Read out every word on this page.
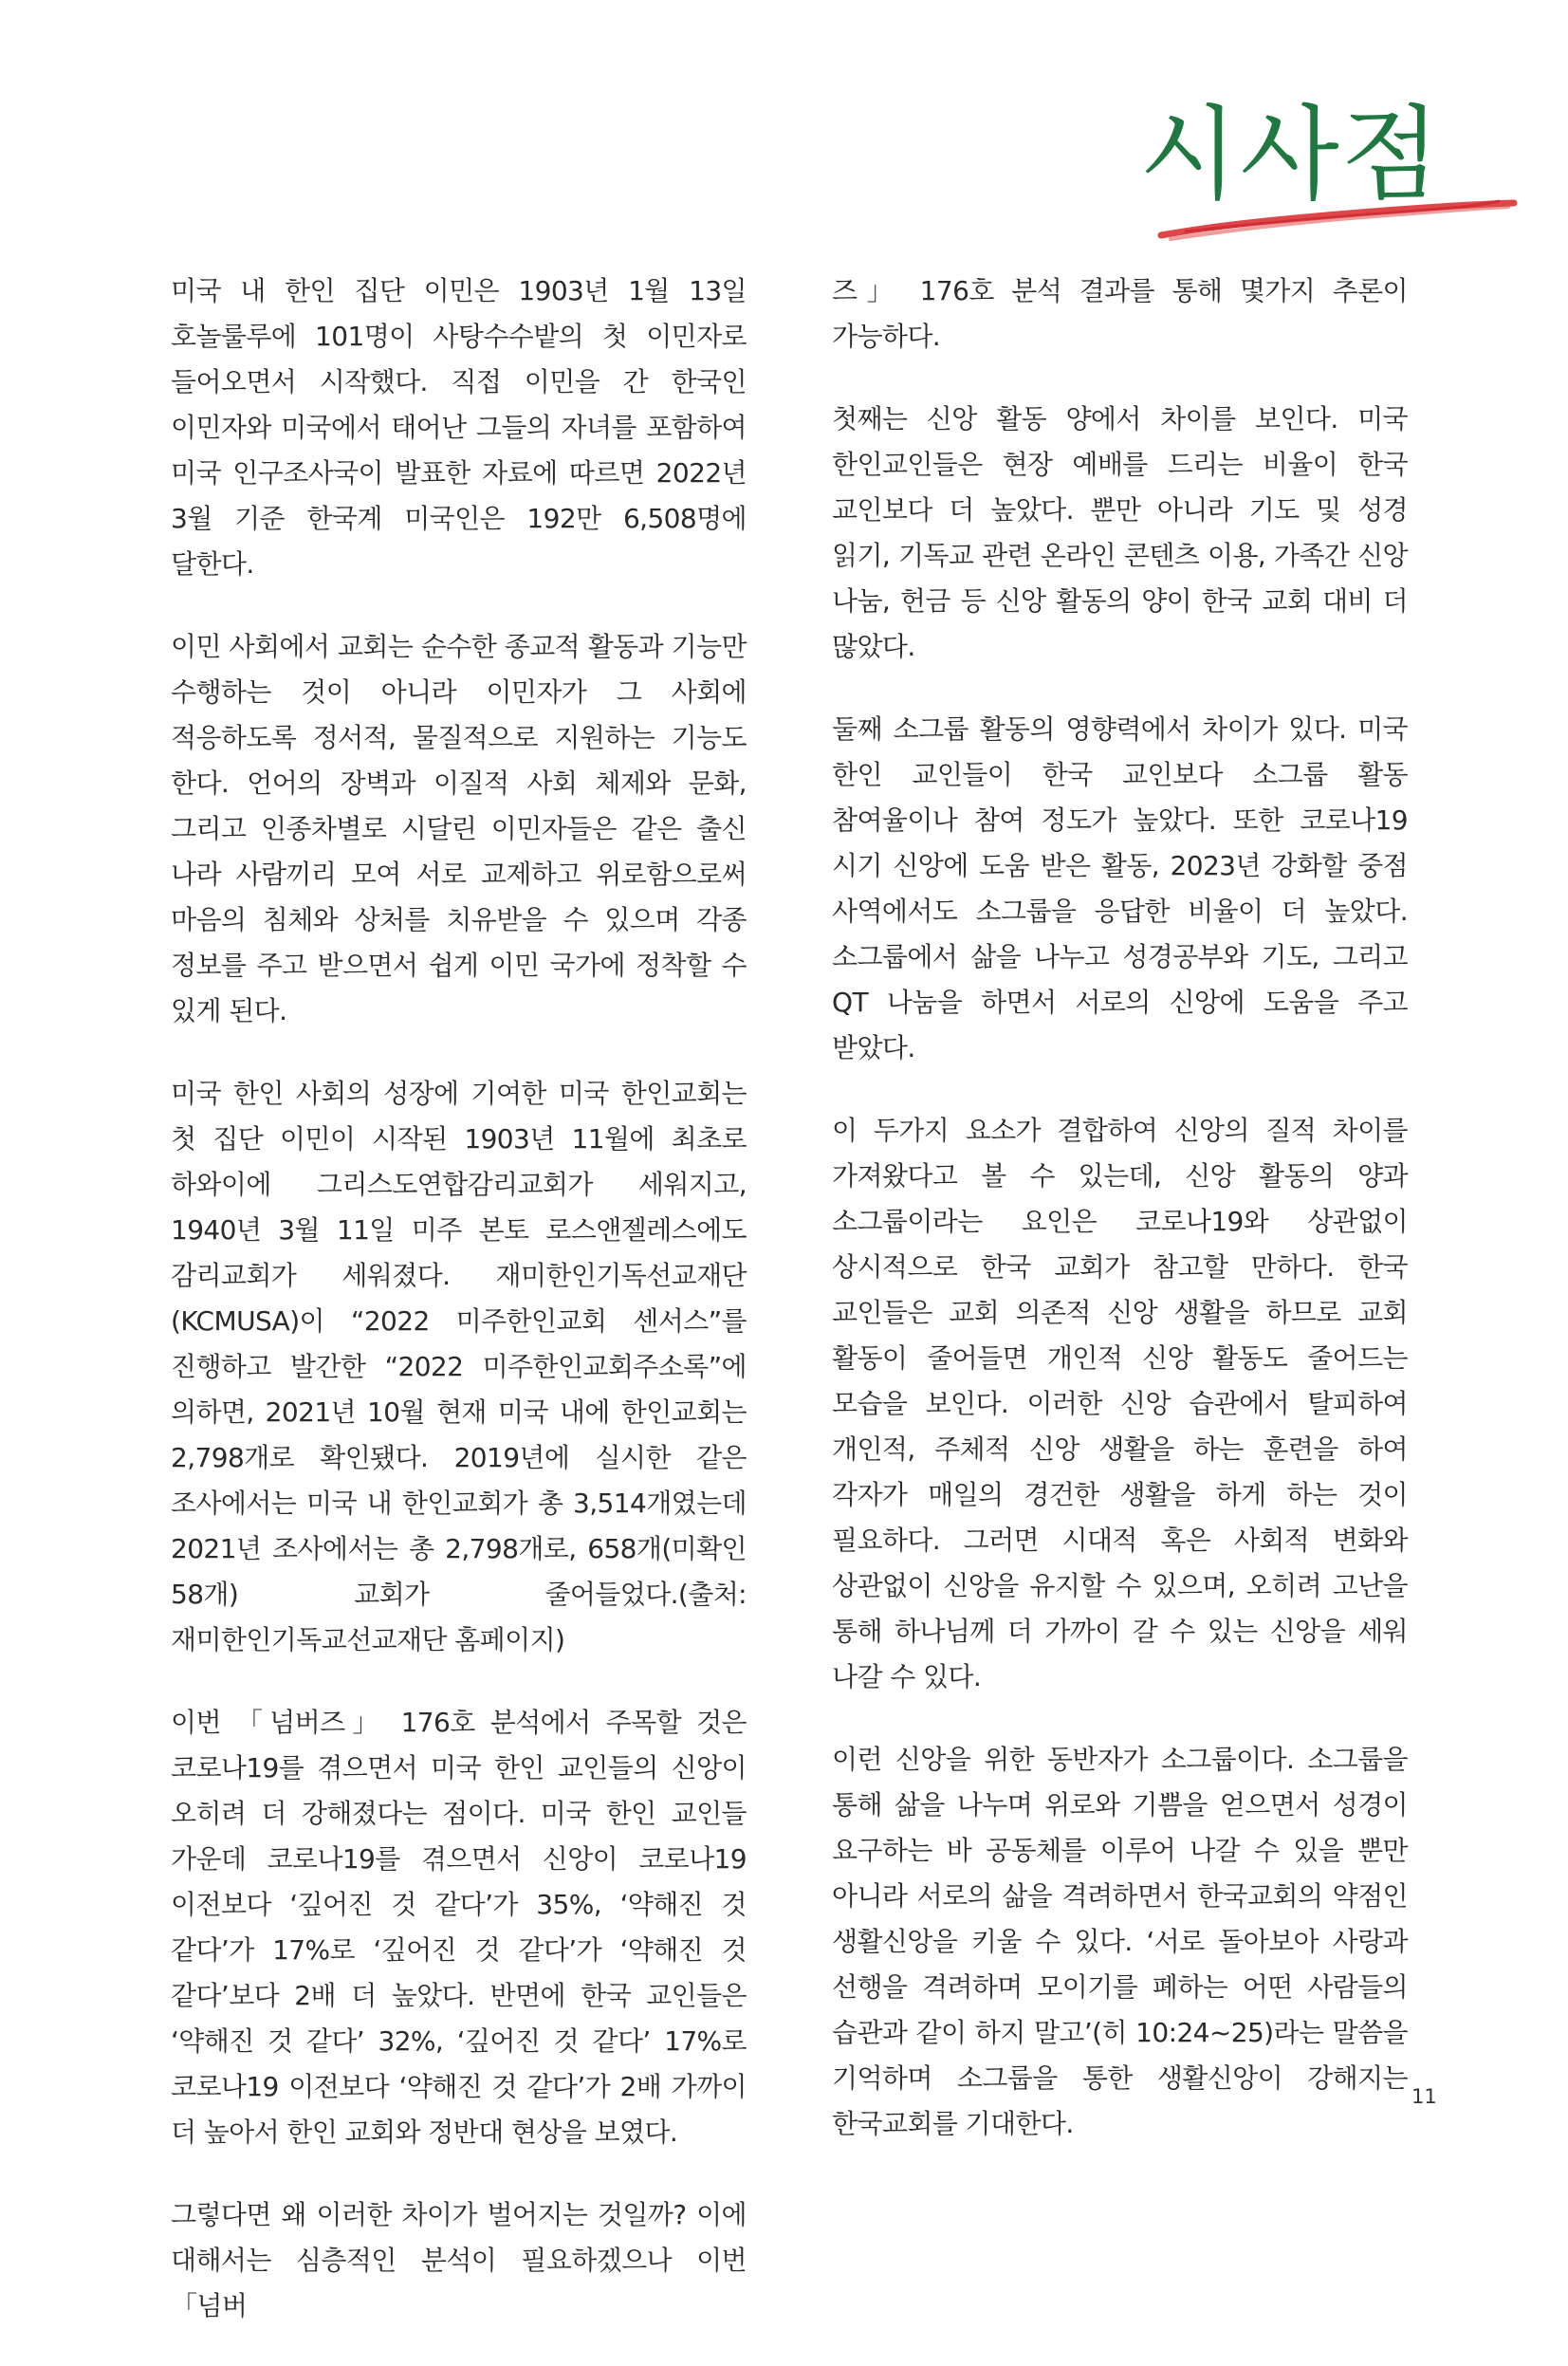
시사점

미국 내 한인 집단 이민은 1903년 1월 13일 호놀룰루에 101명이 사탕수수밭의 첫 이민자로 들어오면서 시작했다. 직접 이민을 간 한국인 이민자와 미국에서 태어난 그들의 자녀를 포함하여 미국 인구조사국이 발표한 자료에 따르면 2022년 3월 기준 한국계 미국인은 192만 6,508명에 달한다.

이민 사회에서 교회는 순수한 종교적 활동과 기능만 수행하는 것이 아니라 이민자가 그 사회에 적응하도록 정서적, 물질적으로 지원하는 기능도 한다. 언어의 장벽과 이질적 사회 체제와 문화, 그리고 인종차별로 시달린 이민자들은 같은 출신 나라 사람끼리 모여 서로 교제하고 위로함으로써 마음의 침체와 상처를 치유받을 수 있으며 각종 정보를 주고 받으면서 쉽게 이민 국가에 정착할 수 있게 된다.

미국 한인 사회의 성장에 기여한 미국 한인교회는 첫 집단 이민이 시작된 1903년 11월에 최초로 하와이에 그리스도연합감리교회가 세워지고, 1940년 3월 11일 미주 본토 로스앤젤레스에도 감리교회가 세워졌다. 재미한인기독선교재단(KCMUSA)이 “2022 미주한인교회 센서스”를 진행하고 발간한 “2022 미주한인교회주소록”에 의하면, 2021년 10월 현재 미국 내에 한인교회는 2,798개로 확인됐다. 2019년에 실시한 같은 조사에서는 미국 내 한인교회가 총 3,514개였는데 2021년 조사에서는 총 2,798개로, 658개(미확인 58개) 교회가 줄어들었다.(출처:재미한인기독교선교재단 홈페이지)

이번 「넘버즈」 176호 분석에서 주목할 것은 코로나19를 겪으면서 미국 한인 교인들의 신앙이 오히려 더 강해졌다는 점이다. 미국 한인 교인들 가운데 코로나19를 겪으면서 신앙이 코로나19 이전보다 ‘깊어진 것 같다’가 35%, ‘약해진 것 같다’가 17%로 ‘깊어진 것 같다’가 ‘약해진 것 같다’보다 2배 더 높았다. 반면에 한국 교인들은 ‘약해진 것 같다’ 32%, ‘깊어진 것 같다’ 17%로 코로나19 이전보다 ‘약해진 것 같다’가 2배 가까이 더 높아서 한인 교회와 정반대 현상을 보였다.

그렇다면 왜 이러한 차이가 벌어지는 것일까? 이에 대해서는 심층적인 분석이 필요하겠으나 이번 「넘버

즈」 176호 분석 결과를 통해 몇가지 추론이 가능하다.

첫째는 신앙 활동 양에서 차이를 보인다. 미국 한인교인들은 현장 예배를 드리는 비율이 한국 교인보다 더 높았다. 뿐만 아니라 기도 및 성경 읽기, 기독교 관련 온라인 콘텐츠 이용, 가족간 신앙 나눔, 헌금 등 신앙 활동의 양이 한국 교회 대비 더 많았다.

둘째 소그룹 활동의 영향력에서 차이가 있다. 미국 한인 교인들이 한국 교인보다 소그룹 활동 참여율이나 참여 정도가 높았다. 또한 코로나19 시기 신앙에 도움 받은 활동, 2023년 강화할 중점 사역에서도 소그룹을 응답한 비율이 더 높았다. 소그룹에서 삶을 나누고 성경공부와 기도, 그리고 QT 나눔을 하면서 서로의 신앙에 도움을 주고 받았다.

이 두가지 요소가 결합하여 신앙의 질적 차이를 가져왔다고 볼 수 있는데, 신앙 활동의 양과 소그룹이라는 요인은 코로나19와 상관없이 상시적으로 한국 교회가 참고할 만하다. 한국 교인들은 교회 의존적 신앙 생활을 하므로 교회 활동이 줄어들면 개인적 신앙 활동도 줄어드는 모습을 보인다. 이러한 신앙 습관에서 탈피하여 개인적, 주체적 신앙 생활을 하는 훈련을 하여 각자가 매일의 경건한 생활을 하게 하는 것이 필요하다. 그러면 시대적 혹은 사회적 변화와 상관없이 신앙을 유지할 수 있으며, 오히려 고난을 통해 하나님께 더 가까이 갈 수 있는 신앙을 세워 나갈 수 있다.

이런 신앙을 위한 동반자가 소그룹이다. 소그룹을 통해 삶을 나누며 위로와 기쁨을 얻으면서 성경이 요구하는 바 공동체를 이루어 나갈 수 있을 뿐만 아니라 서로의 삶을 격려하면서 한국교회의 약점인 생활신앙을 키울 수 있다. ‘서로 돌아보아 사랑과 선행을 격려하며 모이기를 폐하는 어떤 사람들의 습관과 같이 하지 말고’(히 10:24~25)라는 말씀을 기억하며 소그룹을 통한 생활신앙이 강해지는 한국교회를 기대한다.

11
